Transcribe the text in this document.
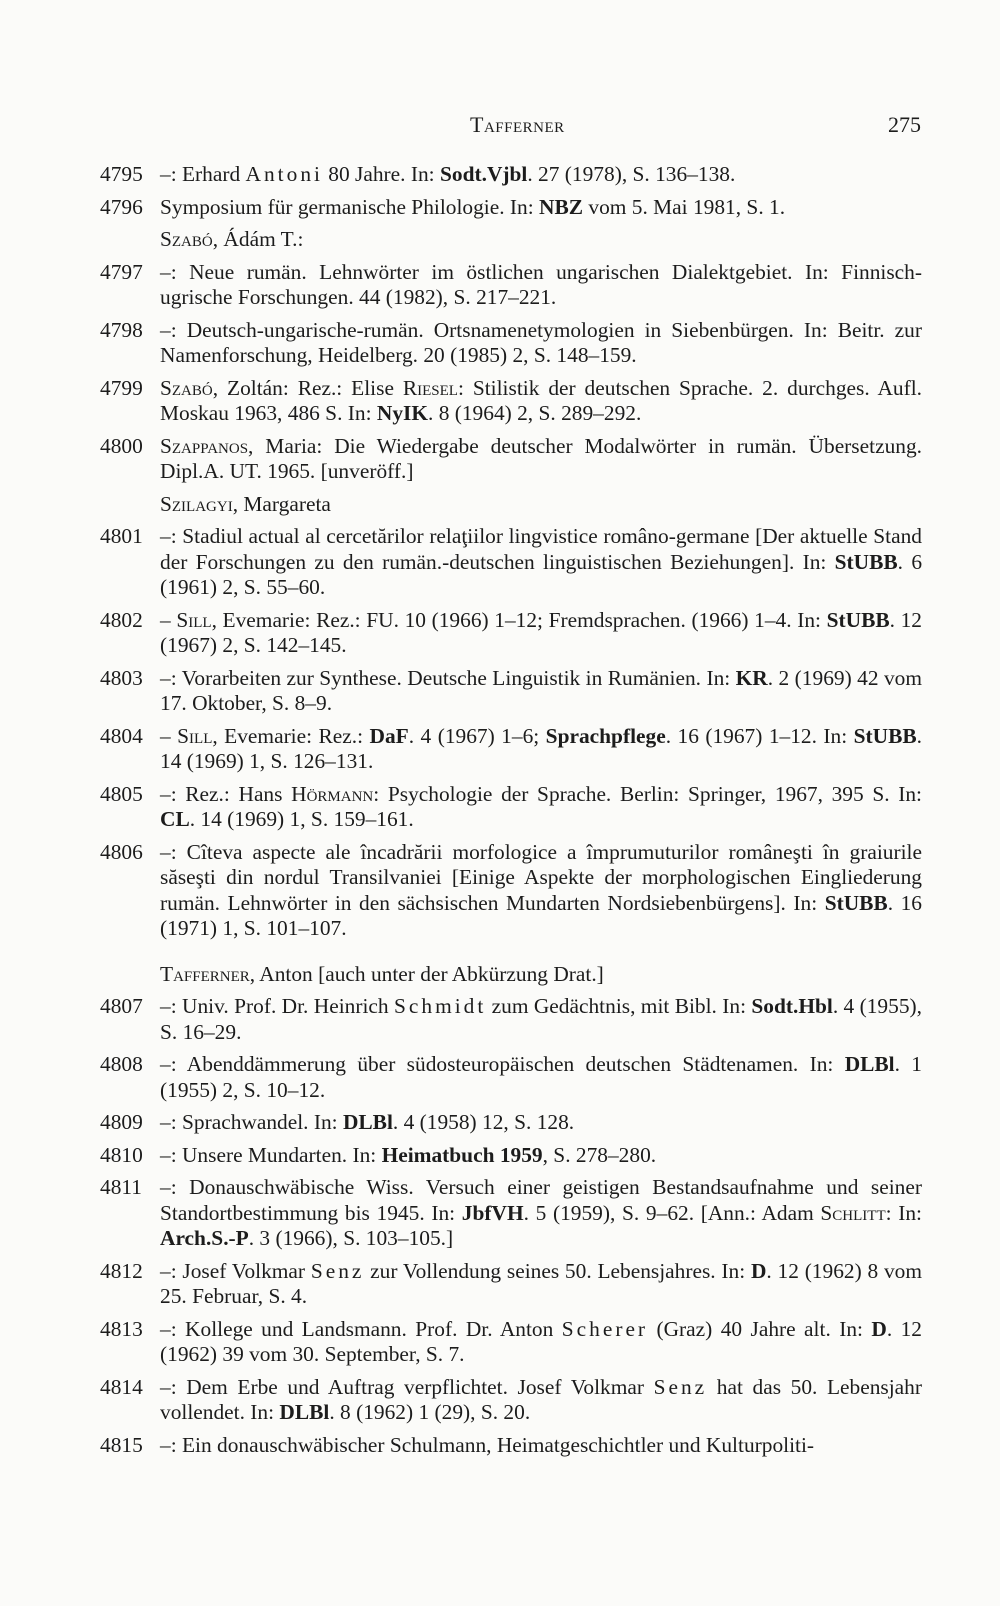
Tafferner	275
4795 –: Erhard Antoni 80 Jahre. In: Sodt.Vjbl. 27 (1978), S. 136–138.
4796 Symposium für germanische Philologie. In: NBZ vom 5. Mai 1981, S. 1.
Szabó, Ádám T.:
4797 –: Neue rumän. Lehnwörter im östlichen ungarischen Dialektgebiet. In: Finnisch-ugrische Forschungen. 44 (1982), S. 217–221.
4798 –: Deutsch-ungarische-rumän. Ortsnamenetymologien in Siebenbürgen. In: Beitr. zur Namenforschung, Heidelberg. 20 (1985) 2, S. 148–159.
4799 Szabó, Zoltán: Rez.: Elise Riesel: Stilistik der deutschen Sprache. 2. durchges. Aufl. Moskau 1963, 486 S. In: NyIK. 8 (1964) 2, S. 289–292.
4800 Szappanos, Maria: Die Wiedergabe deutscher Modalwörter in rumän. Übersetzung. Dipl.A. UT. 1965. [unveröff.]
Szilagyi, Margareta
4801 –: Stadiul actual al cercetărilor relaţiilor lingvistice româno-germane [Der aktuelle Stand der Forschungen zu den rumän.-deutschen linguistischen Beziehungen]. In: StUBB. 6 (1961) 2, S. 55–60.
4802 – Sill, Evemarie: Rez.: FU. 10 (1966) 1–12; Fremdsprachen. (1966) 1–4. In: StUBB. 12 (1967) 2, S. 142–145.
4803 –: Vorarbeiten zur Synthese. Deutsche Linguistik in Rumänien. In: KR. 2 (1969) 42 vom 17. Oktober, S. 8–9.
4804 – Sill, Evemarie: Rez.: DaF. 4 (1967) 1–6; Sprachpflege. 16 (1967) 1–12. In: StUBB. 14 (1969) 1, S. 126–131.
4805 –: Rez.: Hans Hörmann: Psychologie der Sprache. Berlin: Springer, 1967, 395 S. In: CL. 14 (1969) 1, S. 159–161.
4806 –: Cîteva aspecte ale încadrării morfologice a împrumuturilor româneşti în graiurile săseşti din nordul Transilvaniei [Einige Aspekte der morphologischen Eingliederung rumän. Lehnwörter in den sächsischen Mundarten Nordsiebenbürgens]. In: StUBB. 16 (1971) 1, S. 101–107.
Tafferner, Anton [auch unter der Abkürzung Drat.]
4807 –: Univ. Prof. Dr. Heinrich Schmidt zum Gedächtnis, mit Bibl. In: Sodt.Hbl. 4 (1955), S. 16–29.
4808 –: Abenddämmerung über südosteuropäischen deutschen Städtenamen. In: DLBl. 1 (1955) 2, S. 10–12.
4809 –: Sprachwandel. In: DLBl. 4 (1958) 12, S. 128.
4810 –: Unsere Mundarten. In: Heimatbuch 1959, S. 278–280.
4811 –: Donauschwäbische Wiss. Versuch einer geistigen Bestandsaufnahme und seiner Standortbestimmung bis 1945. In: JbfVH. 5 (1959), S. 9–62. [Ann.: Adam Schlitt: In: Arch.S.-P. 3 (1966), S. 103–105.]
4812 –: Josef Volkmar Senz zur Vollendung seines 50. Lebensjahres. In: D. 12 (1962) 8 vom 25. Februar, S. 4.
4813 –: Kollege und Landsmann. Prof. Dr. Anton Scherer (Graz) 40 Jahre alt. In: D. 12 (1962) 39 vom 30. September, S. 7.
4814 –: Dem Erbe und Auftrag verpflichtet. Josef Volkmar Senz hat das 50. Lebensjahr vollendet. In: DLBl. 8 (1962) 1 (29), S. 20.
4815 –: Ein donauschwäbischer Schulmann, Heimatgeschichtler und Kulturpoliti-
